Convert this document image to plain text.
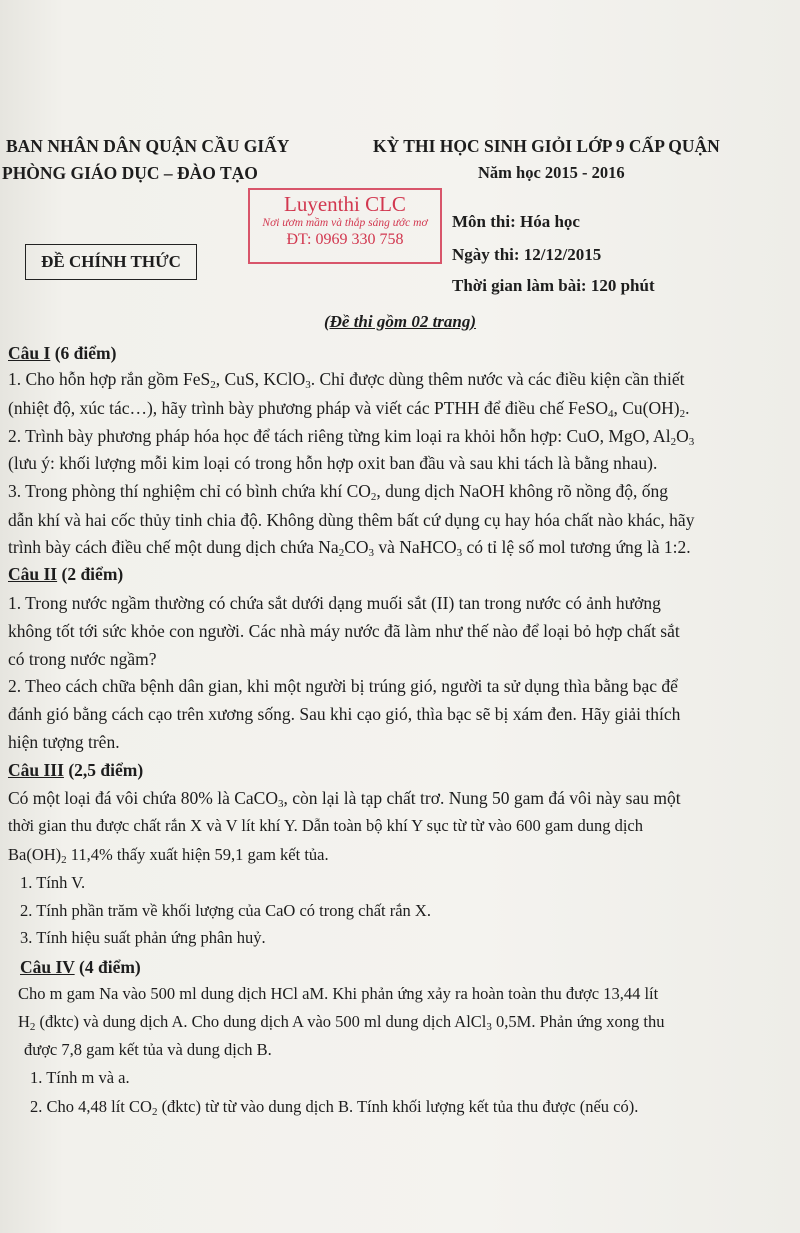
BAN NHÂN DÂN QUẬN CẦU GIẤY
PHÒNG GIÁO DỤC – ĐÀO TẠO
KỲ THI HỌC SINH GIỎI LỚP 9 CẤP QUẬN
Năm học 2015 - 2016
Luyenthi CLC
Nơi ươm mầm và thắp sáng ước mơ
ĐT: 0969 330 758
ĐỀ CHÍNH THỨC
Môn thi: Hóa học
Ngày thi: 12/12/2015
Thời gian làm bài: 120 phút
(Đề thi gồm 02 trang)
Câu I (6 điểm)
1. Cho hỗn hợp rắn gồm FeS$_2$, CuS, KClO$_3$. Chỉ được dùng thêm nước và các điều kiện cần thiết
(nhiệt độ, xúc tác…), hãy trình bày phương pháp và viết các PTHH để điều chế FeSO$_4$, $Cu(OH)_2$.
2. Trình bày phương pháp hóa học để tách riêng từng kim loại ra khỏi hỗn hợp: CuO, MgO, $Al_2O_3$
(lưu ý: khối lượng mỗi kim loại có trong hỗn hợp oxit ban đầu và sau khi tách là bằng nhau).
3. Trong phòng thí nghiệm chỉ có bình chứa khí $CO_2$, dung dịch NaOH không rõ nồng độ, ống
dẫn khí và hai cốc thủy tinh chia độ. Không dùng thêm bất cứ dụng cụ hay hóa chất nào khác, hãy
trình bày cách điều chế một dung dịch chứa $Na_2CO_3$ và NaHCO$_3$ có tỉ lệ số mol tương ứng là 1:2.
Câu II (2 điểm)
1. Trong nước ngầm thường có chứa sắt dưới dạng muối sắt (II) tan trong nước có ảnh hưởng
không tốt tới sức khỏe con người. Các nhà máy nước đã làm như thế nào để loại bỏ hợp chất sắt
có trong nước ngầm?
2. Theo cách chữa bệnh dân gian, khi một người bị trúng gió, người ta sử dụng thìa bằng bạc để
đánh gió bằng cách cạo trên xương sống. Sau khi cạo gió, thìa bạc sẽ bị xám đen. Hãy giải thích
hiện tượng trên.
Câu III (2,5 điểm)
Có một loại đá vôi chứa 80% là CaCO$_3$, còn lại là tạp chất trơ. Nung 50 gam đá vôi này sau một
thời gian thu được chất rắn X và V lít khí Y. Dẫn toàn bộ khí Y sục từ từ vào 600 gam dung dịch
$Ba(OH)_2$ 11,4% thấy xuất hiện 59,1 gam kết tủa.
1. Tính V.
2. Tính phần trăm về khối lượng của CaO có trong chất rắn X.
3. Tính hiệu suất phản ứng phân huỷ.
Câu IV (4 điểm)
Cho m gam Na vào 500 ml dung dịch HCl aM. Khi phản ứng xảy ra hoàn toàn thu được 13,44 lít
$H_2$ (đktc) và dung dịch A. Cho dung dịch A vào 500 ml dung dịch AlCl$_3$ 0,5M. Phản ứng xong thu
được 7,8 gam kết tủa và dung dịch B.
1. Tính m và a.
2. Cho 4,48 lít $CO_2$ (đktc) từ từ vào dung dịch B. Tính khối lượng kết tủa thu được (nếu có).
